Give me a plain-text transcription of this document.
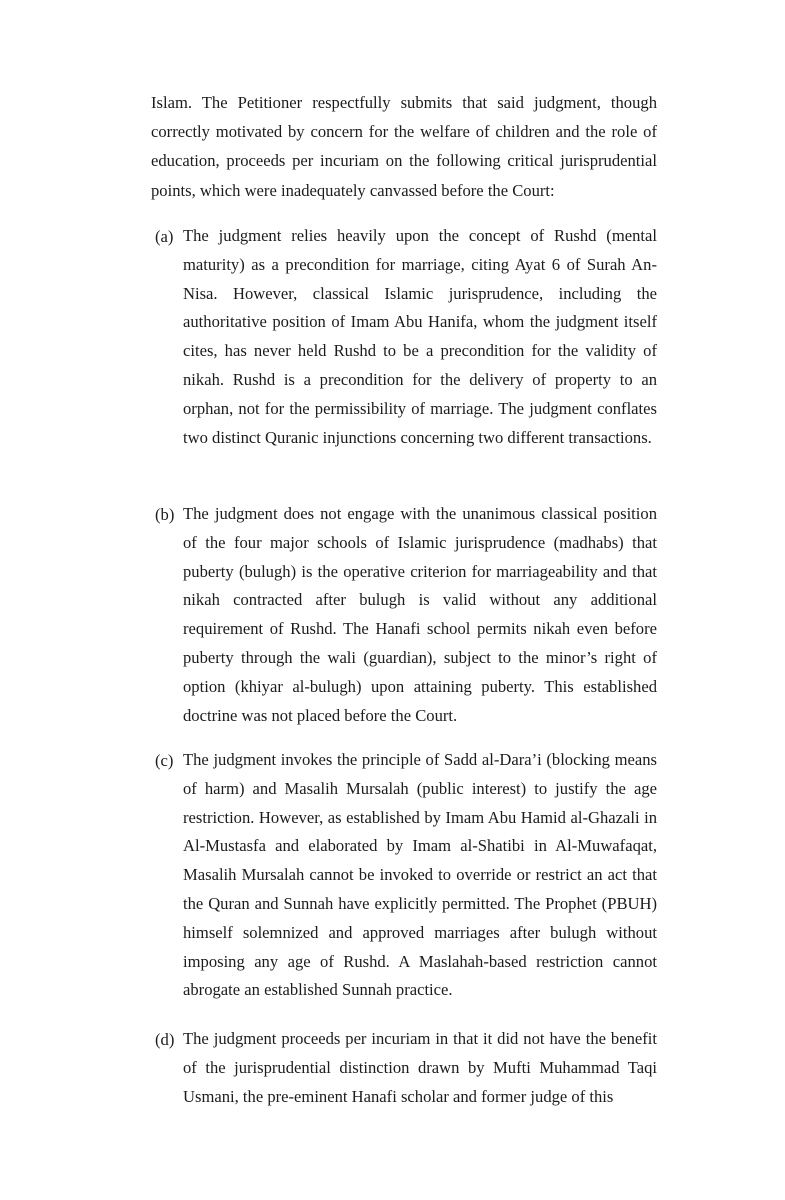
Islam. The Petitioner respectfully submits that said judgment, though correctly motivated by concern for the welfare of children and the role of education, proceeds per incuriam on the following critical jurisprudential points, which were inadequately canvassed before the Court:

(a) The judgment relies heavily upon the concept of Rushd (mental maturity) as a precondition for marriage, citing Ayat 6 of Surah An-Nisa. However, classical Islamic jurisprudence, including the authoritative position of Imam Abu Hanifa, whom the judgment itself cites, has never held Rushd to be a precondition for the validity of nikah. Rushd is a precondition for the delivery of property to an orphan, not for the permissibility of marriage. The judgment conflates two distinct Quranic injunctions concerning two different transactions.

(b) The judgment does not engage with the unanimous classical position of the four major schools of Islamic jurisprudence (madhabs) that puberty (bulugh) is the operative criterion for marriageability and that nikah contracted after bulugh is valid without any additional requirement of Rushd. The Hanafi school permits nikah even before puberty through the wali (guardian), subject to the minor’s right of option (khiyar al-bulugh) upon attaining puberty. This established doctrine was not placed before the Court.

(c) The judgment invokes the principle of Sadd al-Dara’i (blocking means of harm) and Masalih Mursalah (public interest) to justify the age restriction. However, as established by Imam Abu Hamid al-Ghazali in Al-Mustasfa and elaborated by Imam al-Shatibi in Al-Muwafaqat, Masalih Mursalah cannot be invoked to override or restrict an act that the Quran and Sunnah have explicitly permitted. The Prophet (PBUH) himself solemnized and approved marriages after bulugh without imposing any age of Rushd. A Maslahah-based restriction cannot abrogate an established Sunnah practice.

(d) The judgment proceeds per incuriam in that it did not have the benefit of the jurisprudential distinction drawn by Mufti Muhammad Taqi Usmani, the pre-eminent Hanafi scholar and former judge of this
